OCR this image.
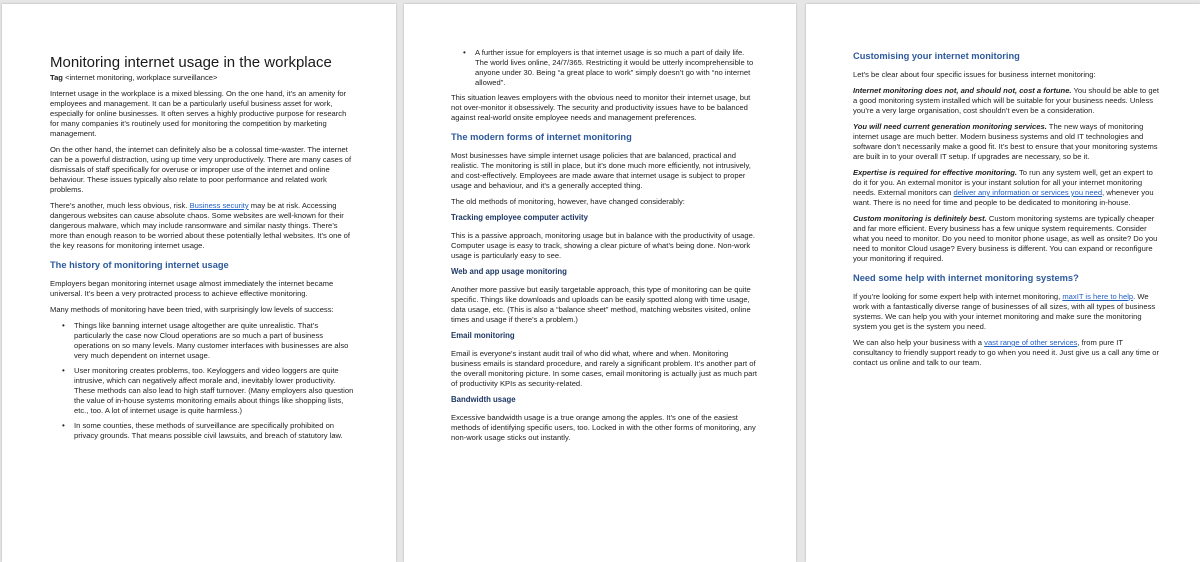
Monitoring internet usage in the workplace
Tag <internet monitoring, workplace surveillance>

Internet usage in the workplace is a mixed blessing. On the one hand, it’s an amenity for employees and management. It can be a particularly useful business asset for work, especially for online businesses. It often serves a highly productive purpose for research for many companies it’s routinely used for monitoring the competition by marketing management.

On the other hand, the internet can definitely also be a colossal time-waster. The internet can be a powerful distraction, using up time very unproductively. There are many cases of dismissals of staff specifically for overuse or improper use of the internet and online behaviour. These issues typically also relate to poor performance and related work problems.

There’s another, much less obvious, risk. Business security may be at risk. Accessing dangerous websites can cause absolute chaos. Some websites are well-known for their dangerous malware, which may include ransomware and similar nasty things. There’s more than enough reason to be worried about these potentially lethal websites. It’s one of the key reasons for monitoring internet usage.

The history of monitoring internet usage

Employers began monitoring internet usage almost immediately the internet became universal. It’s been a very protracted process to achieve effective monitoring.

Many methods of monitoring have been tried, with surprisingly low levels of success:

• Things like banning internet usage altogether are quite unrealistic. That’s particularly the case now Cloud operations are so much a part of business operations on so many levels. Many customer interfaces with businesses are also very much dependent on internet usage.
• User monitoring creates problems, too. Keyloggers and video loggers are quite intrusive, which can negatively affect morale and, inevitably lower productivity. These methods can also lead to high staff turnover. (Many employers also question the value of in-house systems monitoring emails about things like shopping lists, etc., too. A lot of internet usage is quite harmless.)
• In some counties, these methods of surveillance are specifically prohibited on privacy grounds. That means possible civil lawsuits, and breach of statutory law.
• A further issue for employers is that internet usage is so much a part of daily life. The world lives online, 24/7/365. Restricting it would be utterly incomprehensible to anyone under 30. Being “a great place to work” simply doesn’t go with “no internet allowed”.

This situation leaves employers with the obvious need to monitor their internet usage, but not over-monitor it obsessively. The security and productivity issues have to be balanced against real-world onsite employee needs and management preferences.

The modern forms of internet monitoring

Most businesses have simple internet usage policies that are balanced, practical and realistic. The monitoring is still in place, but it’s done much more efficiently, not intrusively, and cost-effectively. Employees are made aware that internet usage is subject to proper usage and behaviour, and it’s a generally accepted thing.

The old methods of monitoring, however, have changed considerably:

Tracking employee computer activity

This is a passive approach, monitoring usage but in balance with the productivity of usage. Computer usage is easy to track, showing a clear picture of what’s being done. Non-work usage is particularly easy to see.

Web and app usage monitoring

Another more passive but easily targetable approach, this type of monitoring can be quite specific. Things like downloads and uploads can be easily spotted along with time usage, data usage, etc. (This is also a “balance sheet” method, matching websites visited, online times and usage if there’s a problem.)

Email monitoring

Email is everyone’s instant audit trail of who did what, where and when. Monitoring business emails is standard procedure, and rarely a significant problem. It’s another part of the overall monitoring picture. In some cases, email monitoring is actually just as much part of productivity KPIs as security-related.

Bandwidth usage

Excessive bandwidth usage is a true orange among the apples. It’s one of the easiest methods of identifying specific users, too. Locked in with the other forms of monitoring, any non-work usage sticks out instantly.

Customising your internet monitoring

Let’s be clear about four specific issues for business internet monitoring:

Internet monitoring does not, and should not, cost a fortune. You should be able to get a good monitoring system installed which will be suitable for your business needs. Unless you’re a very large organisation, cost shouldn’t even be a consideration.

You will need current generation monitoring services. The new ways of monitoring internet usage are much better. Modern business systems and old IT technologies and software don’t necessarily make a good fit. It’s best to ensure that your monitoring systems are built in to your overall IT setup. If upgrades are necessary, so be it.

Expertise is required for effective monitoring. To run any system well, get an expert to do it for you. An external monitor is your instant solution for all your internet monitoring needs. External monitors can deliver any information or services you need, whenever you want. There is no need for time and people to be dedicated to monitoring in-house.

Custom monitoring is definitely best. Custom monitoring systems are typically cheaper and far more efficient. Every business has a few unique system requirements. Consider what you need to monitor. Do you need to monitor phone usage, as well as onsite? Do you need to monitor Cloud usage? Every business is different. You can expand or reconfigure your monitoring if required.

Need some help with internet monitoring systems?

If you’re looking for some expert help with internet monitoring, maxIT is here to help. We work with a fantastically diverse range of businesses of all sizes, with all types of business systems. We can help you with your internet monitoring and make sure the monitoring system you get is the system you need.

We can also help your business with a vast range of other services, from pure IT consultancy to friendly support ready to go when you need it. Just give us a call any time or contact us online and talk to our team.
